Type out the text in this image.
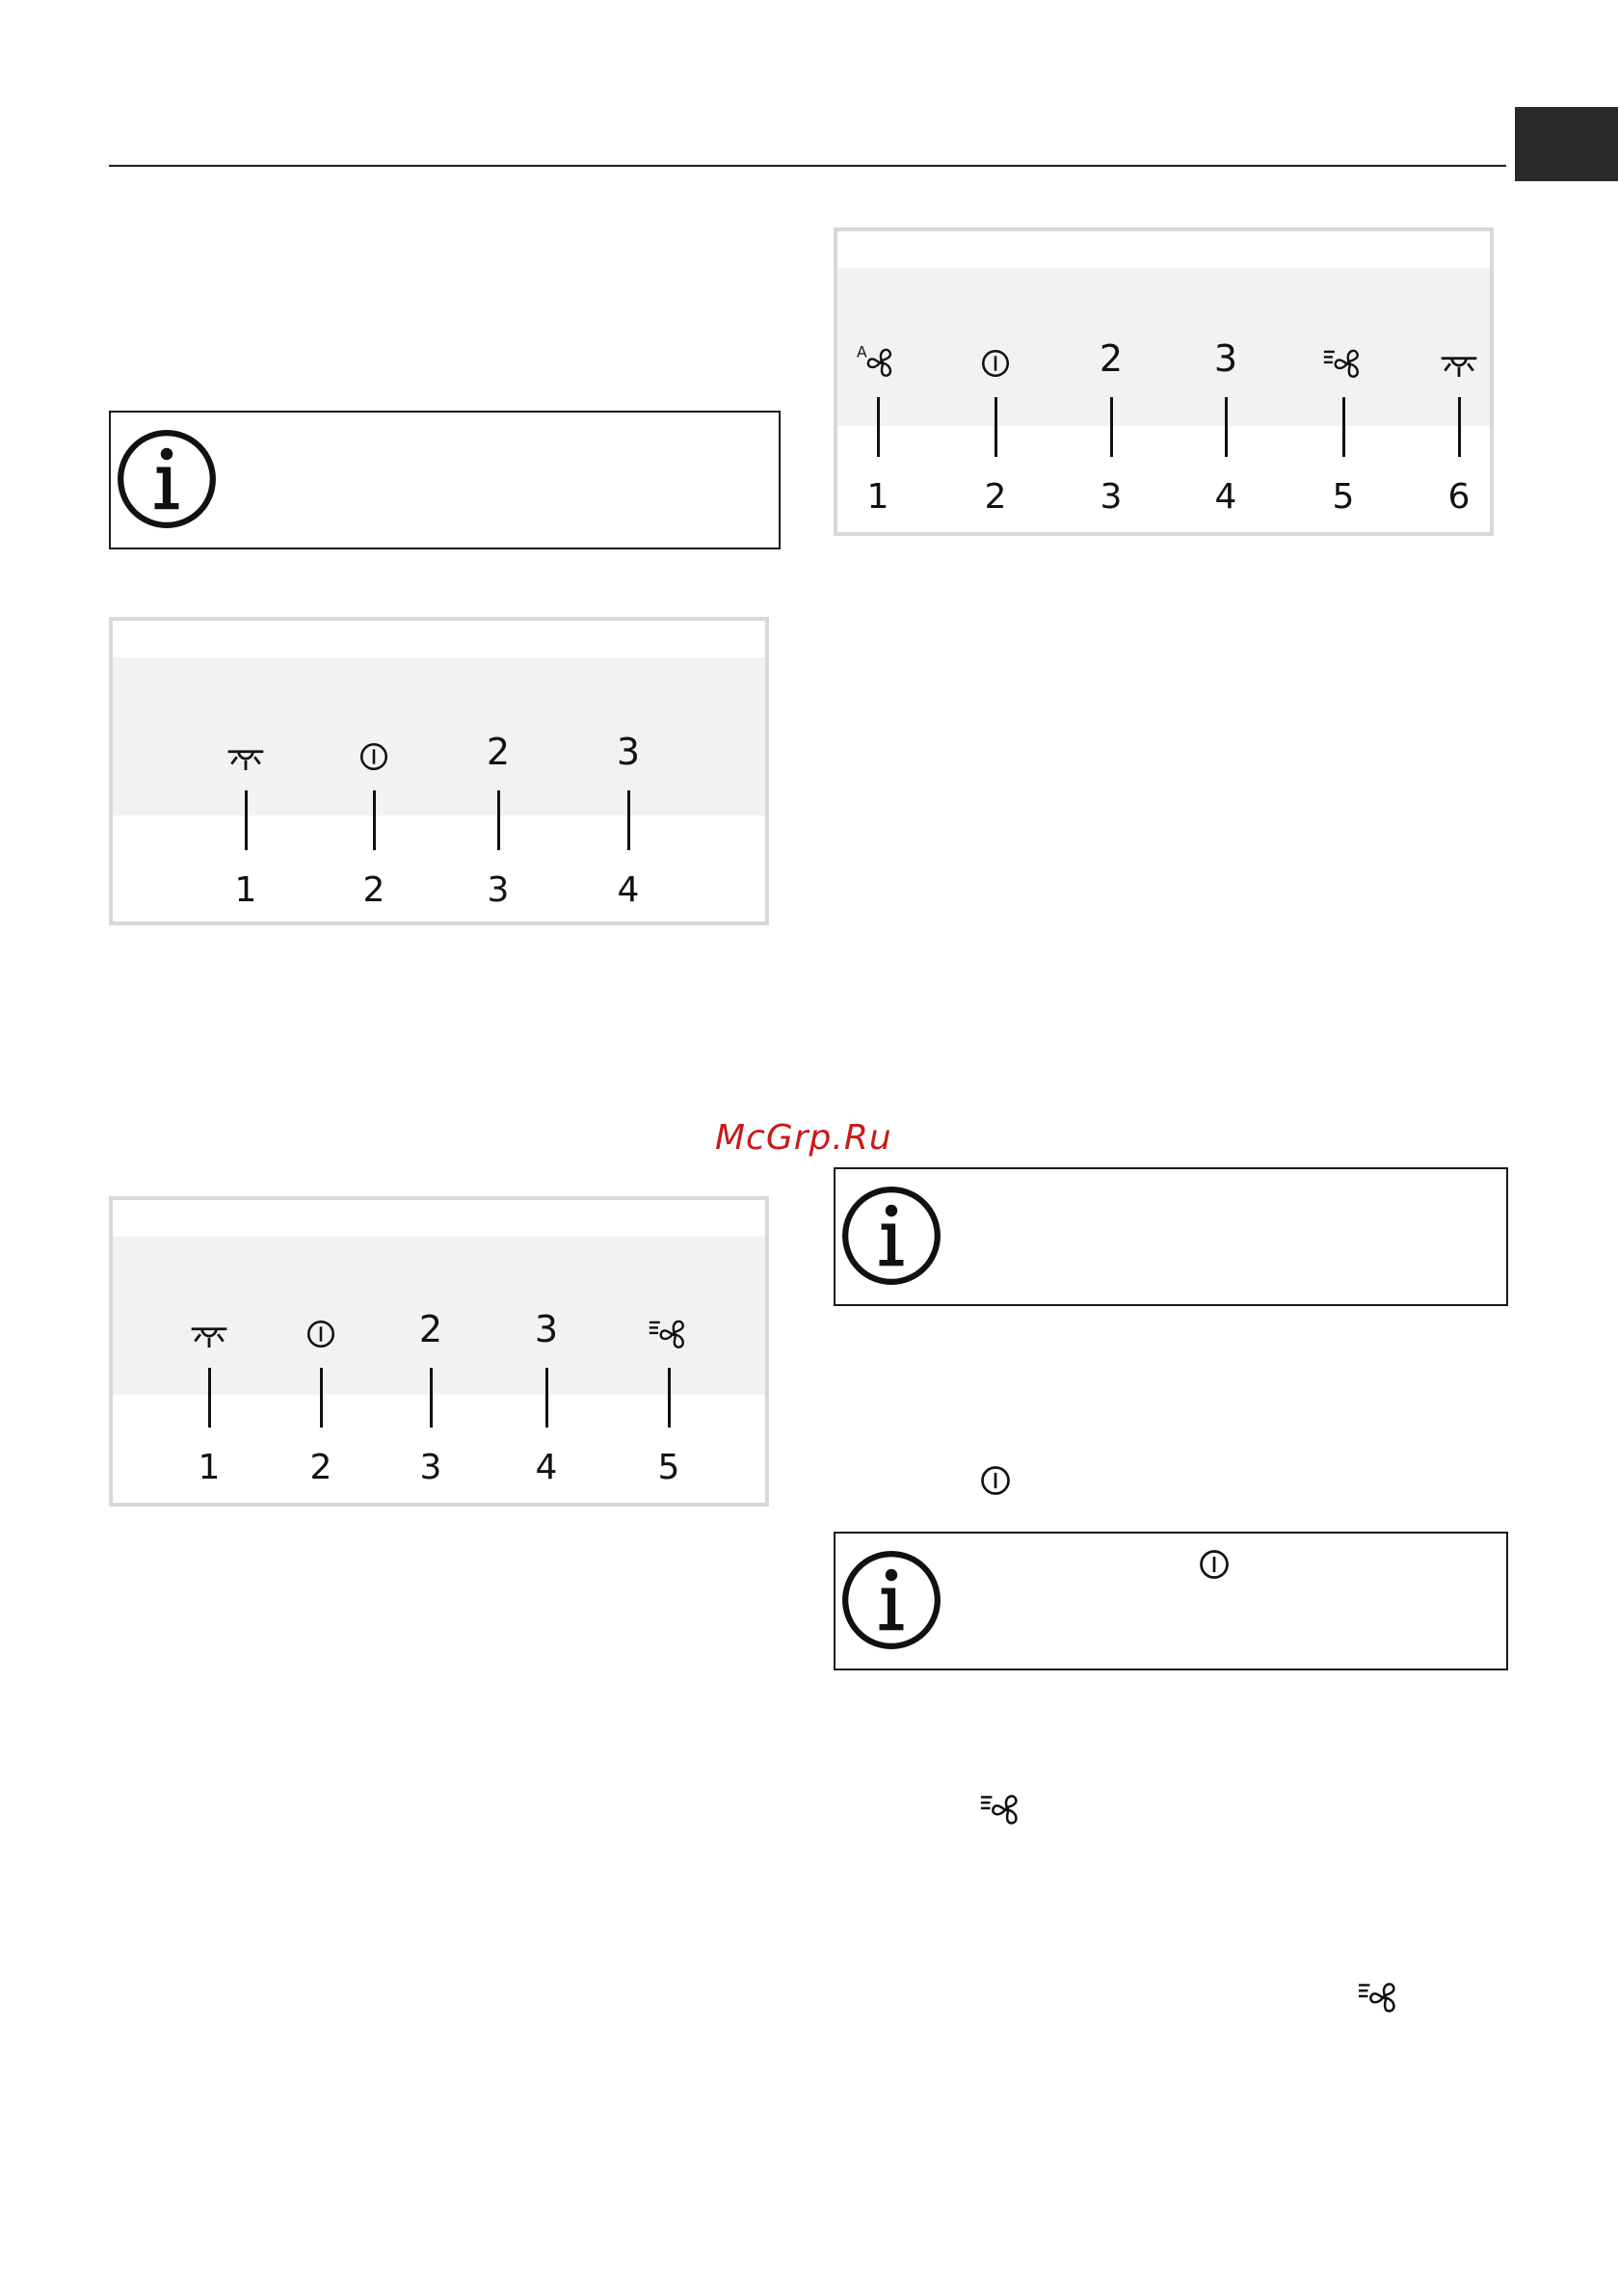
1	2
2
3
3
4	5	6
1	2
2
3
3
4
McGrp.Ru
1	2
2
3
3
4	5
